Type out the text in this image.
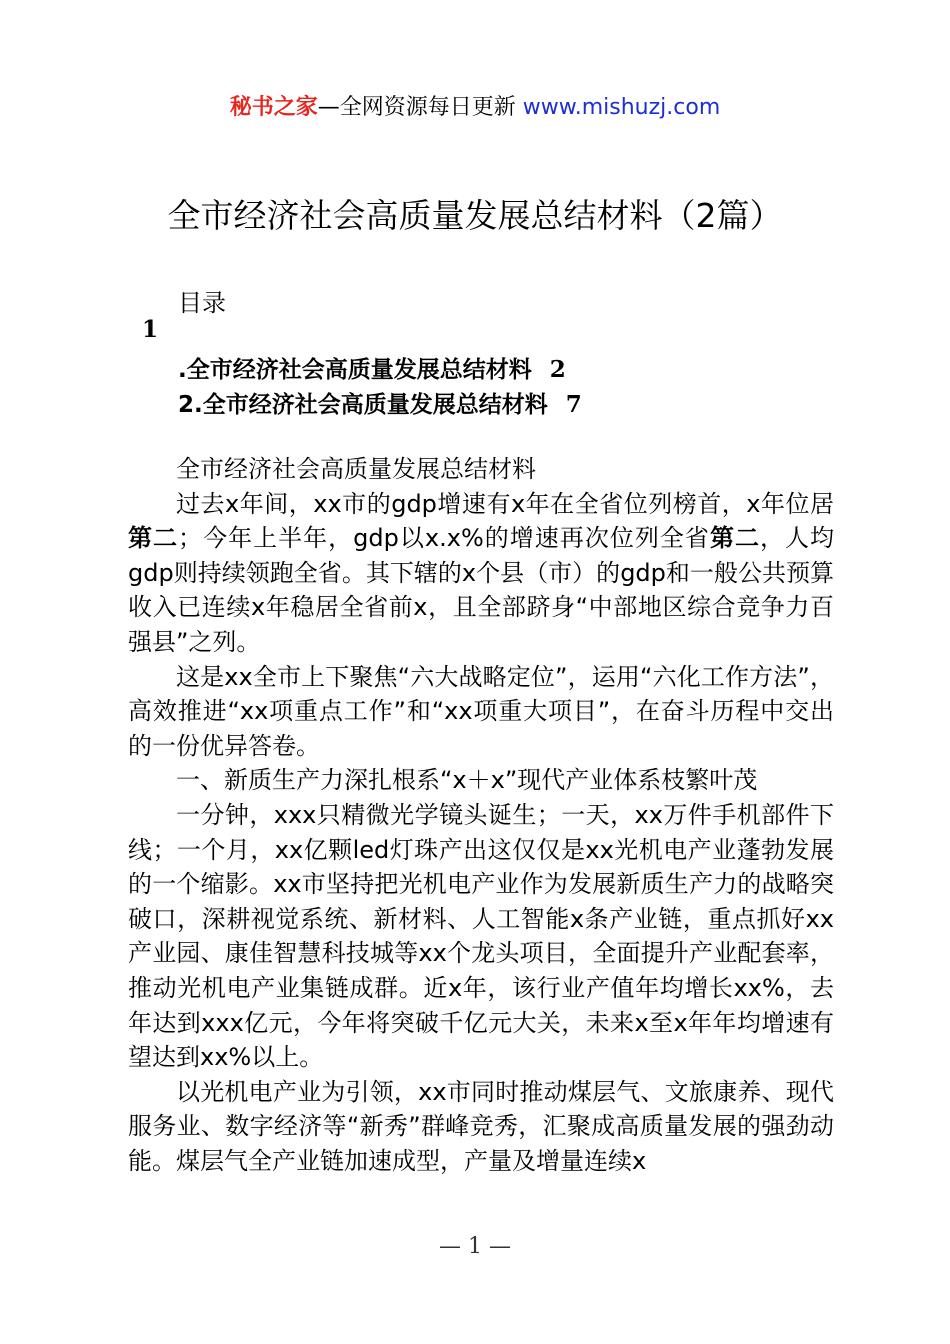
秘书之家—全网资源每日更新 www.mishuzj.com
全市经济社会高质量发展总结材料（2篇）
目录
1
.全市经济社会高质量发展总结材料 2
2.全市经济社会高质量发展总结材料 7

全市经济社会高质量发展总结材料

过去x年间，xx市的gdp增速有x年在全省位列榜首，x年位居第二；今年上半年，gdp以x.x%的增速再次位列全省第二，人均gdp则持续领跑全省。其下辖的x个县（市）的gdp和一般公共预算收入已连续x年稳居全省前x，且全部跻身“中部地区综合竞争力百强县”之列。

这是xx全市上下聚焦“六大战略定位”，运用“六化工作方法”，高效推进“xx项重点工作”和“xx项重大项目”，在奋斗历程中交出的一份优异答卷。

一、新质生产力深扎根系“x＋x”现代产业体系枝繁叶茂

一分钟，xxx只精微光学镜头诞生；一天，xx万件手机部件下线；一个月，xx亿颗led灯珠产出这仅仅是xx光机电产业蓬勃发展的一个缩影。xx市坚持把光机电产业作为发展新质生产力的战略突破口，深耕视觉系统、新材料、人工智能x条产业链，重点抓好xx产业园、康佳智慧科技城等xx个龙头项目，全面提升产业配套率，推动光机电产业集链成群。近x年，该行业产值年均增长xx%，去年达到xxx亿元，今年将突破千亿元大关，未来x至x年年均增速有望达到xx%以上。

以光机电产业为引领，xx市同时推动煤层气、文旅康养、现代服务业、数字经济等“新秀”群峰竞秀，汇聚成高质量发展的强劲动能。煤层气全产业链加速成型，产量及增量连续x

— 1 —
